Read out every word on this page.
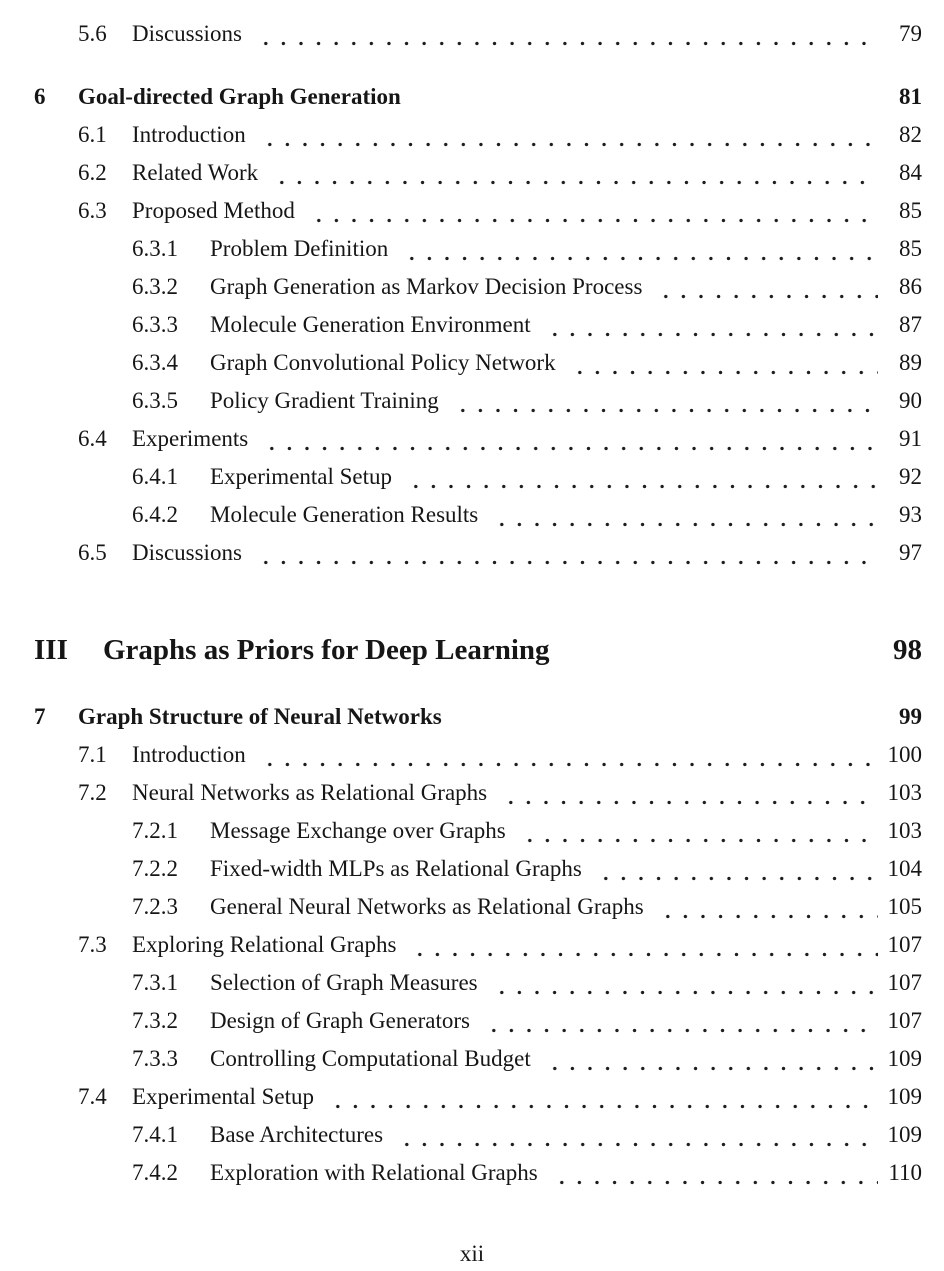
5.6	Discussions	79
6	Goal-directed Graph Generation	81
6.1	Introduction	82
6.2	Related Work	84
6.3	Proposed Method	85
6.3.1	Problem Definition	85
6.3.2	Graph Generation as Markov Decision Process	86
6.3.3	Molecule Generation Environment	87
6.3.4	Graph Convolutional Policy Network	89
6.3.5	Policy Gradient Training	90
6.4	Experiments	91
6.4.1	Experimental Setup	92
6.4.2	Molecule Generation Results	93
6.5	Discussions	97
III	Graphs as Priors for Deep Learning	98
7	Graph Structure of Neural Networks	99
7.1	Introduction	100
7.2	Neural Networks as Relational Graphs	103
7.2.1	Message Exchange over Graphs	103
7.2.2	Fixed-width MLPs as Relational Graphs	104
7.2.3	General Neural Networks as Relational Graphs	105
7.3	Exploring Relational Graphs	107
7.3.1	Selection of Graph Measures	107
7.3.2	Design of Graph Generators	107
7.3.3	Controlling Computational Budget	109
7.4	Experimental Setup	109
7.4.1	Base Architectures	109
7.4.2	Exploration with Relational Graphs	110
xii
